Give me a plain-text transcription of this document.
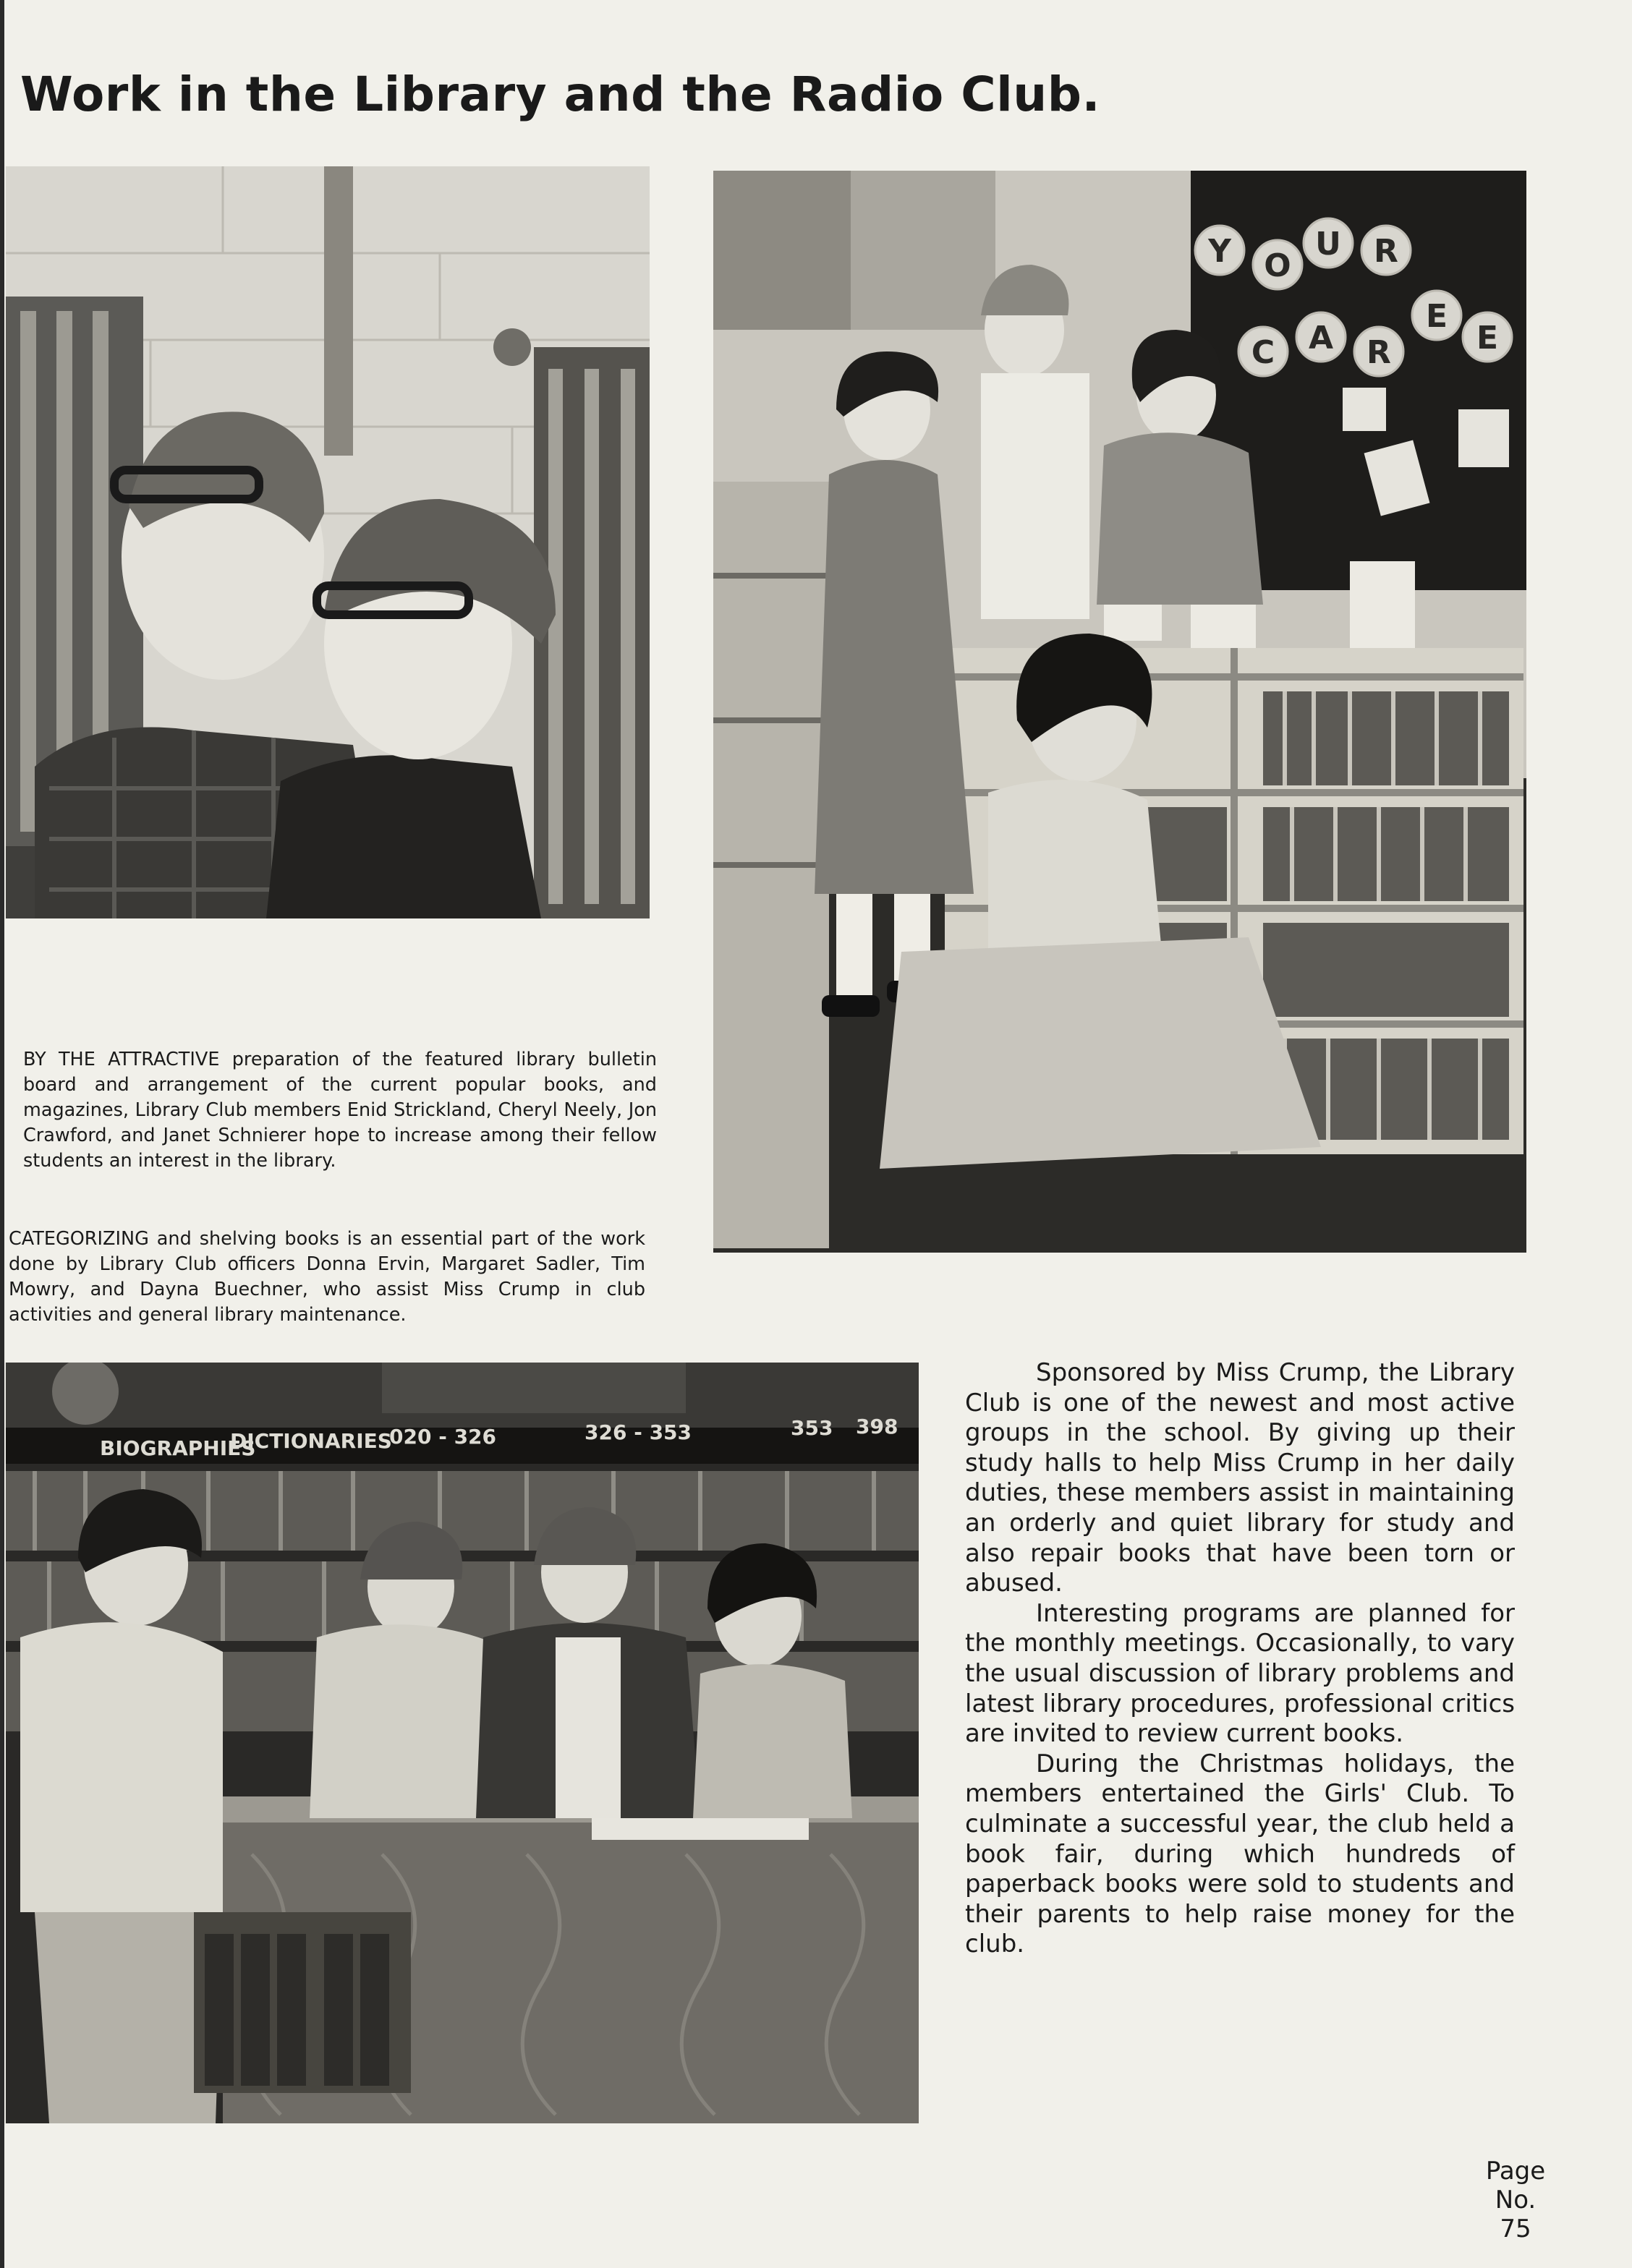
Work in the Library and the Radio Club.
Y O
U R
C A R
E
E
BIOGRAPHIES
DICTIONARIES
020 - 326	326 - 353	353 398

BY THE ATTRACTIVE preparation of the featured library bulletin board and arrangement of the current popular books, and magazines, Library Club members Enid Strickland, Cheryl Neely, Jon Crawford, and Janet Schnierer hope to increase among their fellow students an interest in the library.

CATEGORIZING and shelving books is an essential part of the work done by Library Club officers Donna Ervin, Margaret Sadler, Tim Mowry, and Dayna Buechner, who assist Miss Crump in club activities and general library maintenance.

Sponsored by Miss Crump, the Library Club is one of the newest and most active groups in the school. By giving up their study halls to help Miss Crump in her daily duties, these members assist in maintaining an orderly and quiet library for study and also repair books that have been torn or abused.

Interesting programs are planned for the monthly meetings. Occasionally, to vary the usual discussion of library problems and latest library procedures, professional critics are invited to review current books.

During the Christmas holidays, the members entertained the Girls' Club. To culminate a successful year, the club held a book fair, during which hundreds of paperback books were sold to students and their parents to help raise money for the club.

Page
No.
75
